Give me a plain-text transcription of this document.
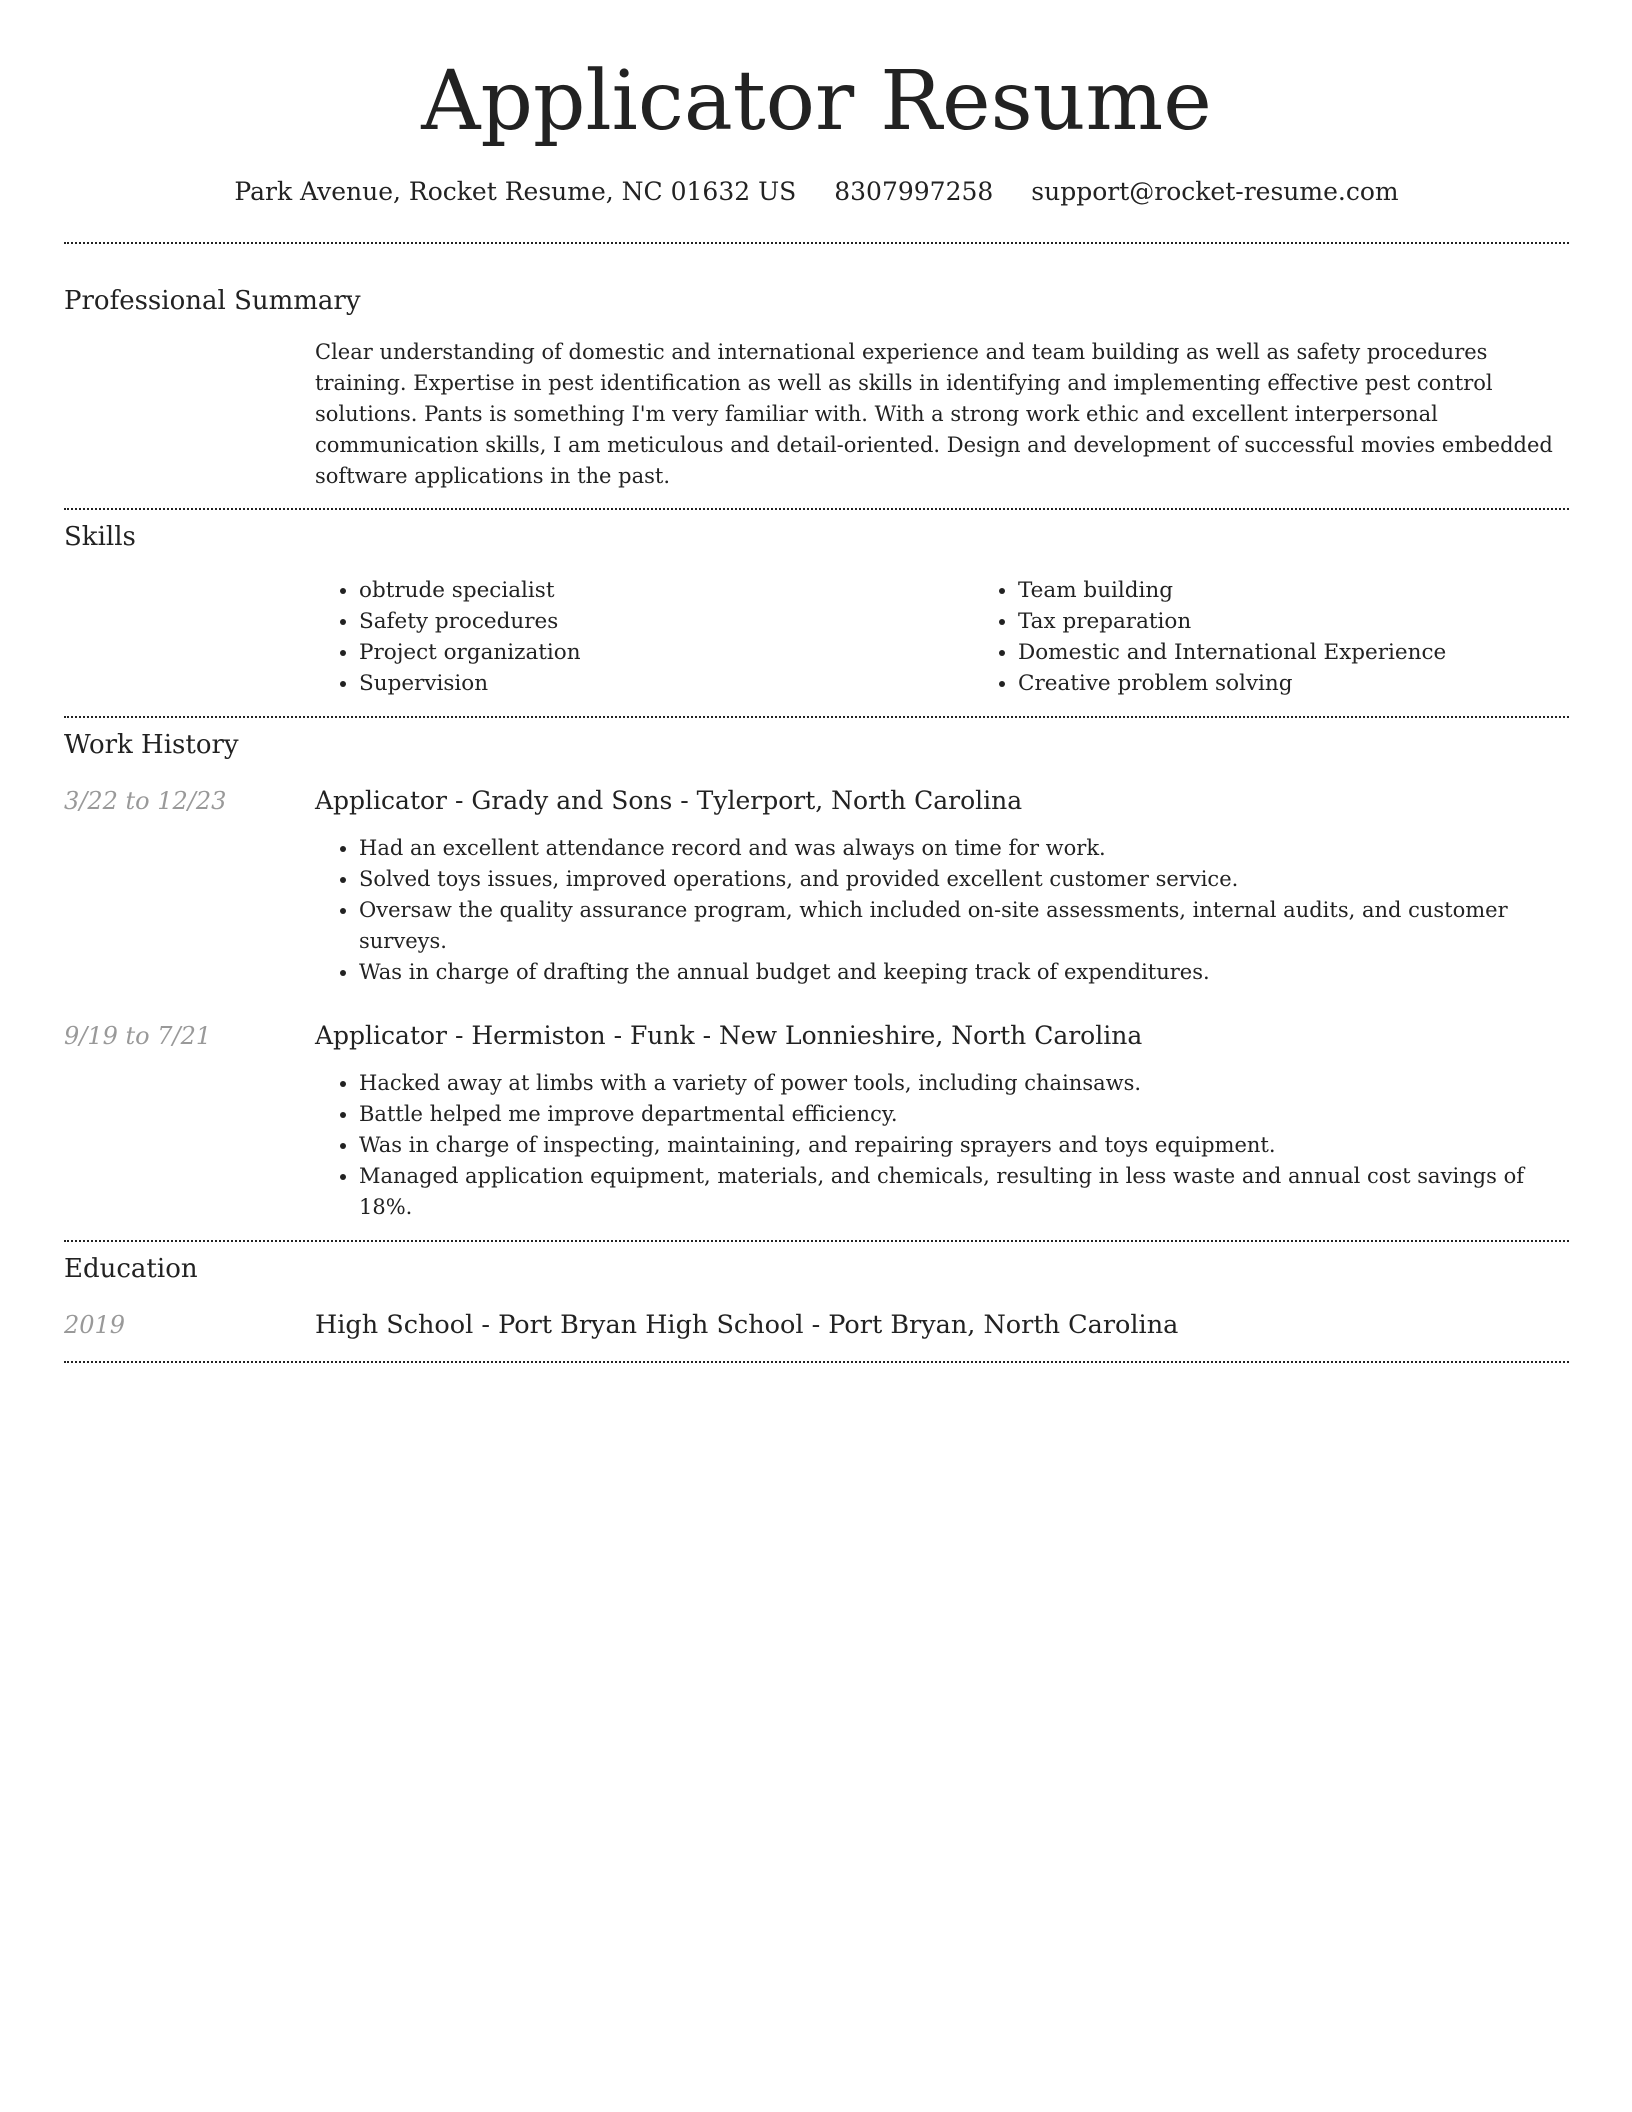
Applicator Resume
Park Avenue, Rocket Resume, NC 01632 US 8307997258 support@rocket-resume.com
Professional Summary
Clear understanding of domestic and international experience and team building as well as safety procedures training. Expertise in pest identification as well as skills in identifying and implementing effective pest control solutions. Pants is something I'm very familiar with. With a strong work ethic and excellent interpersonal communication skills, I am meticulous and detail-oriented. Design and development of successful movies embedded software applications in the past.
Skills
• obtrude specialist
• Safety procedures
• Project organization
• Supervision
• Team building
• Tax preparation
• Domestic and International Experience
• Creative problem solving
Work History
3/22 to 12/23	Applicator - Grady and Sons - Tylerport, North Carolina
• Had an excellent attendance record and was always on time for work.
• Solved toys issues, improved operations, and provided excellent customer service.
• Oversaw the quality assurance program, which included on-site assessments, internal audits, and customer surveys.
• Was in charge of drafting the annual budget and keeping track of expenditures.
9/19 to 7/21	Applicator - Hermiston - Funk - New Lonnieshire, North Carolina
• Hacked away at limbs with a variety of power tools, including chainsaws.
• Battle helped me improve departmental efficiency.
• Was in charge of inspecting, maintaining, and repairing sprayers and toys equipment.
• Managed application equipment, materials, and chemicals, resulting in less waste and annual cost savings of 18%.
Education
2019	High School - Port Bryan High School - Port Bryan, North Carolina
